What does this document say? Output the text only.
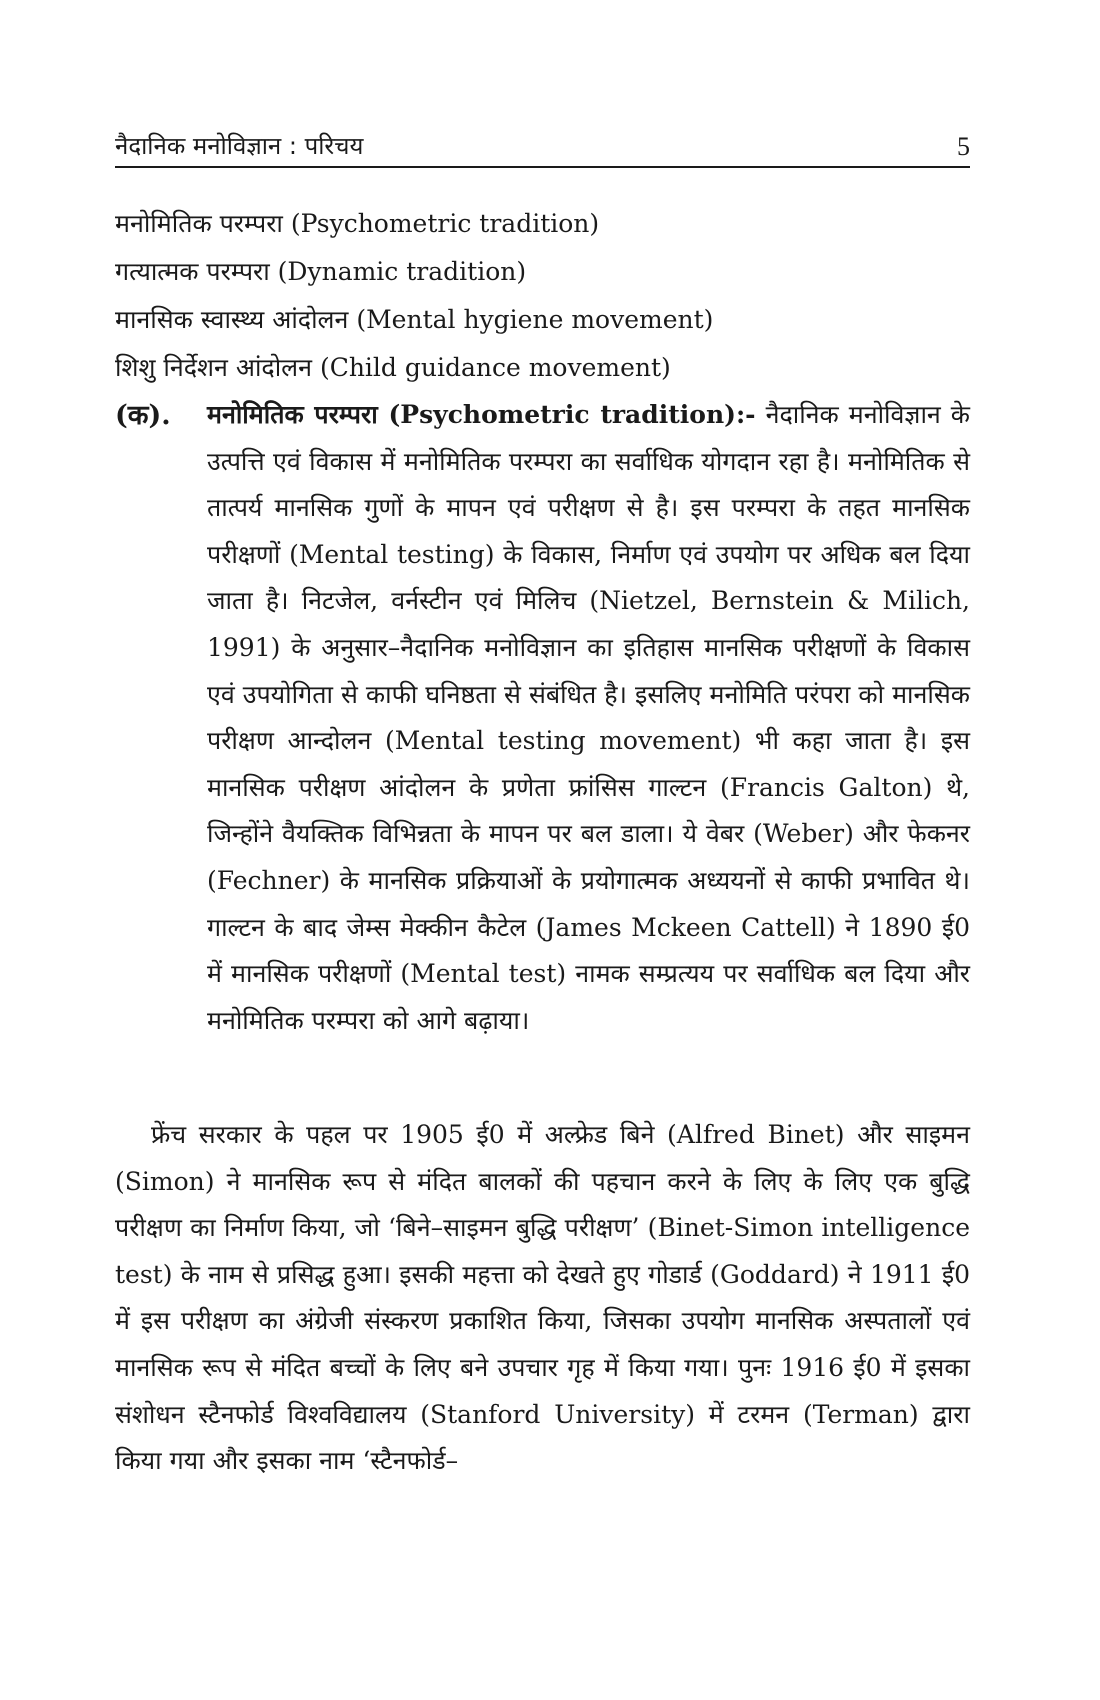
नैदानिक मनोविज्ञान : परिचय	5
मनोमितिक परम्परा (Psychometric tradition)
गत्यात्मक परम्परा (Dynamic tradition)
मानसिक स्वास्थ्य आंदोलन (Mental hygiene movement)
शिशु निर्देशन आंदोलन (Child guidance movement)
(क). मनोमितिक परम्परा (Psychometric tradition):- नैदानिक मनोविज्ञान के उत्पत्ति एवं विकास में मनोमितिक परम्परा का सर्वाधिक योगदान रहा है। मनोमितिक से तात्पर्य मानसिक गुणों के मापन एवं परीक्षण से है। इस परम्परा के तहत मानसिक परीक्षणों (Mental testing) के विकास, निर्माण एवं उपयोग पर अधिक बल दिया जाता है। निटजेल, वर्नस्टीन एवं मिलिच (Nietzel, Bernstein & Milich, 1991) के अनुसार–नैदानिक मनोविज्ञान का इतिहास मानसिक परीक्षणों के विकास एवं उपयोगिता से काफी घनिष्ठता से संबंधित है। इसलिए मनोमिति परंपरा को मानसिक परीक्षण आन्दोलन (Mental testing movement) भी कहा जाता है। इस मानसिक परीक्षण आंदोलन के प्रणेता फ्रांसिस गाल्टन (Francis Galton) थे, जिन्होंने वैयक्तिक विभिन्नता के मापन पर बल डाला। ये वेबर (Weber) और फेकनर (Fechner) के मानसिक प्रक्रियाओं के प्रयोगात्मक अध्ययनों से काफी प्रभावित थे। गाल्टन के बाद जेम्स मेक्कीन कैटेल (James Mckeen Cattell) ने 1890 ई0 में मानसिक परीक्षणों (Mental test) नामक सम्प्रत्यय पर सर्वाधिक बल दिया और मनोमितिक परम्परा को आगे बढ़ाया।
फ्रेंच सरकार के पहल पर 1905 ई0 में अल्फ्रेड बिने (Alfred Binet) और साइमन (Simon) ने मानसिक रूप से मंदित बालकों की पहचान करने के लिए के लिए एक बुद्धि परीक्षण का निर्माण किया, जो ‘बिने–साइमन बुद्धि परीक्षण’ (Binet-Simon intelligence test) के नाम से प्रसिद्ध हुआ। इसकी महत्ता को देखते हुए गोडार्ड (Goddard) ने 1911 ई0 में इस परीक्षण का अंग्रेजी संस्करण प्रकाशित किया, जिसका उपयोग मानसिक अस्पतालों एवं मानसिक रूप से मंदित बच्चों के लिए बने उपचार गृह में किया गया। पुनः 1916 ई0 में इसका संशोधन स्टैनफोर्ड विश्वविद्यालय (Stanford University) में टरमन (Terman) द्वारा किया गया और इसका नाम ‘स्टैनफोर्ड–
